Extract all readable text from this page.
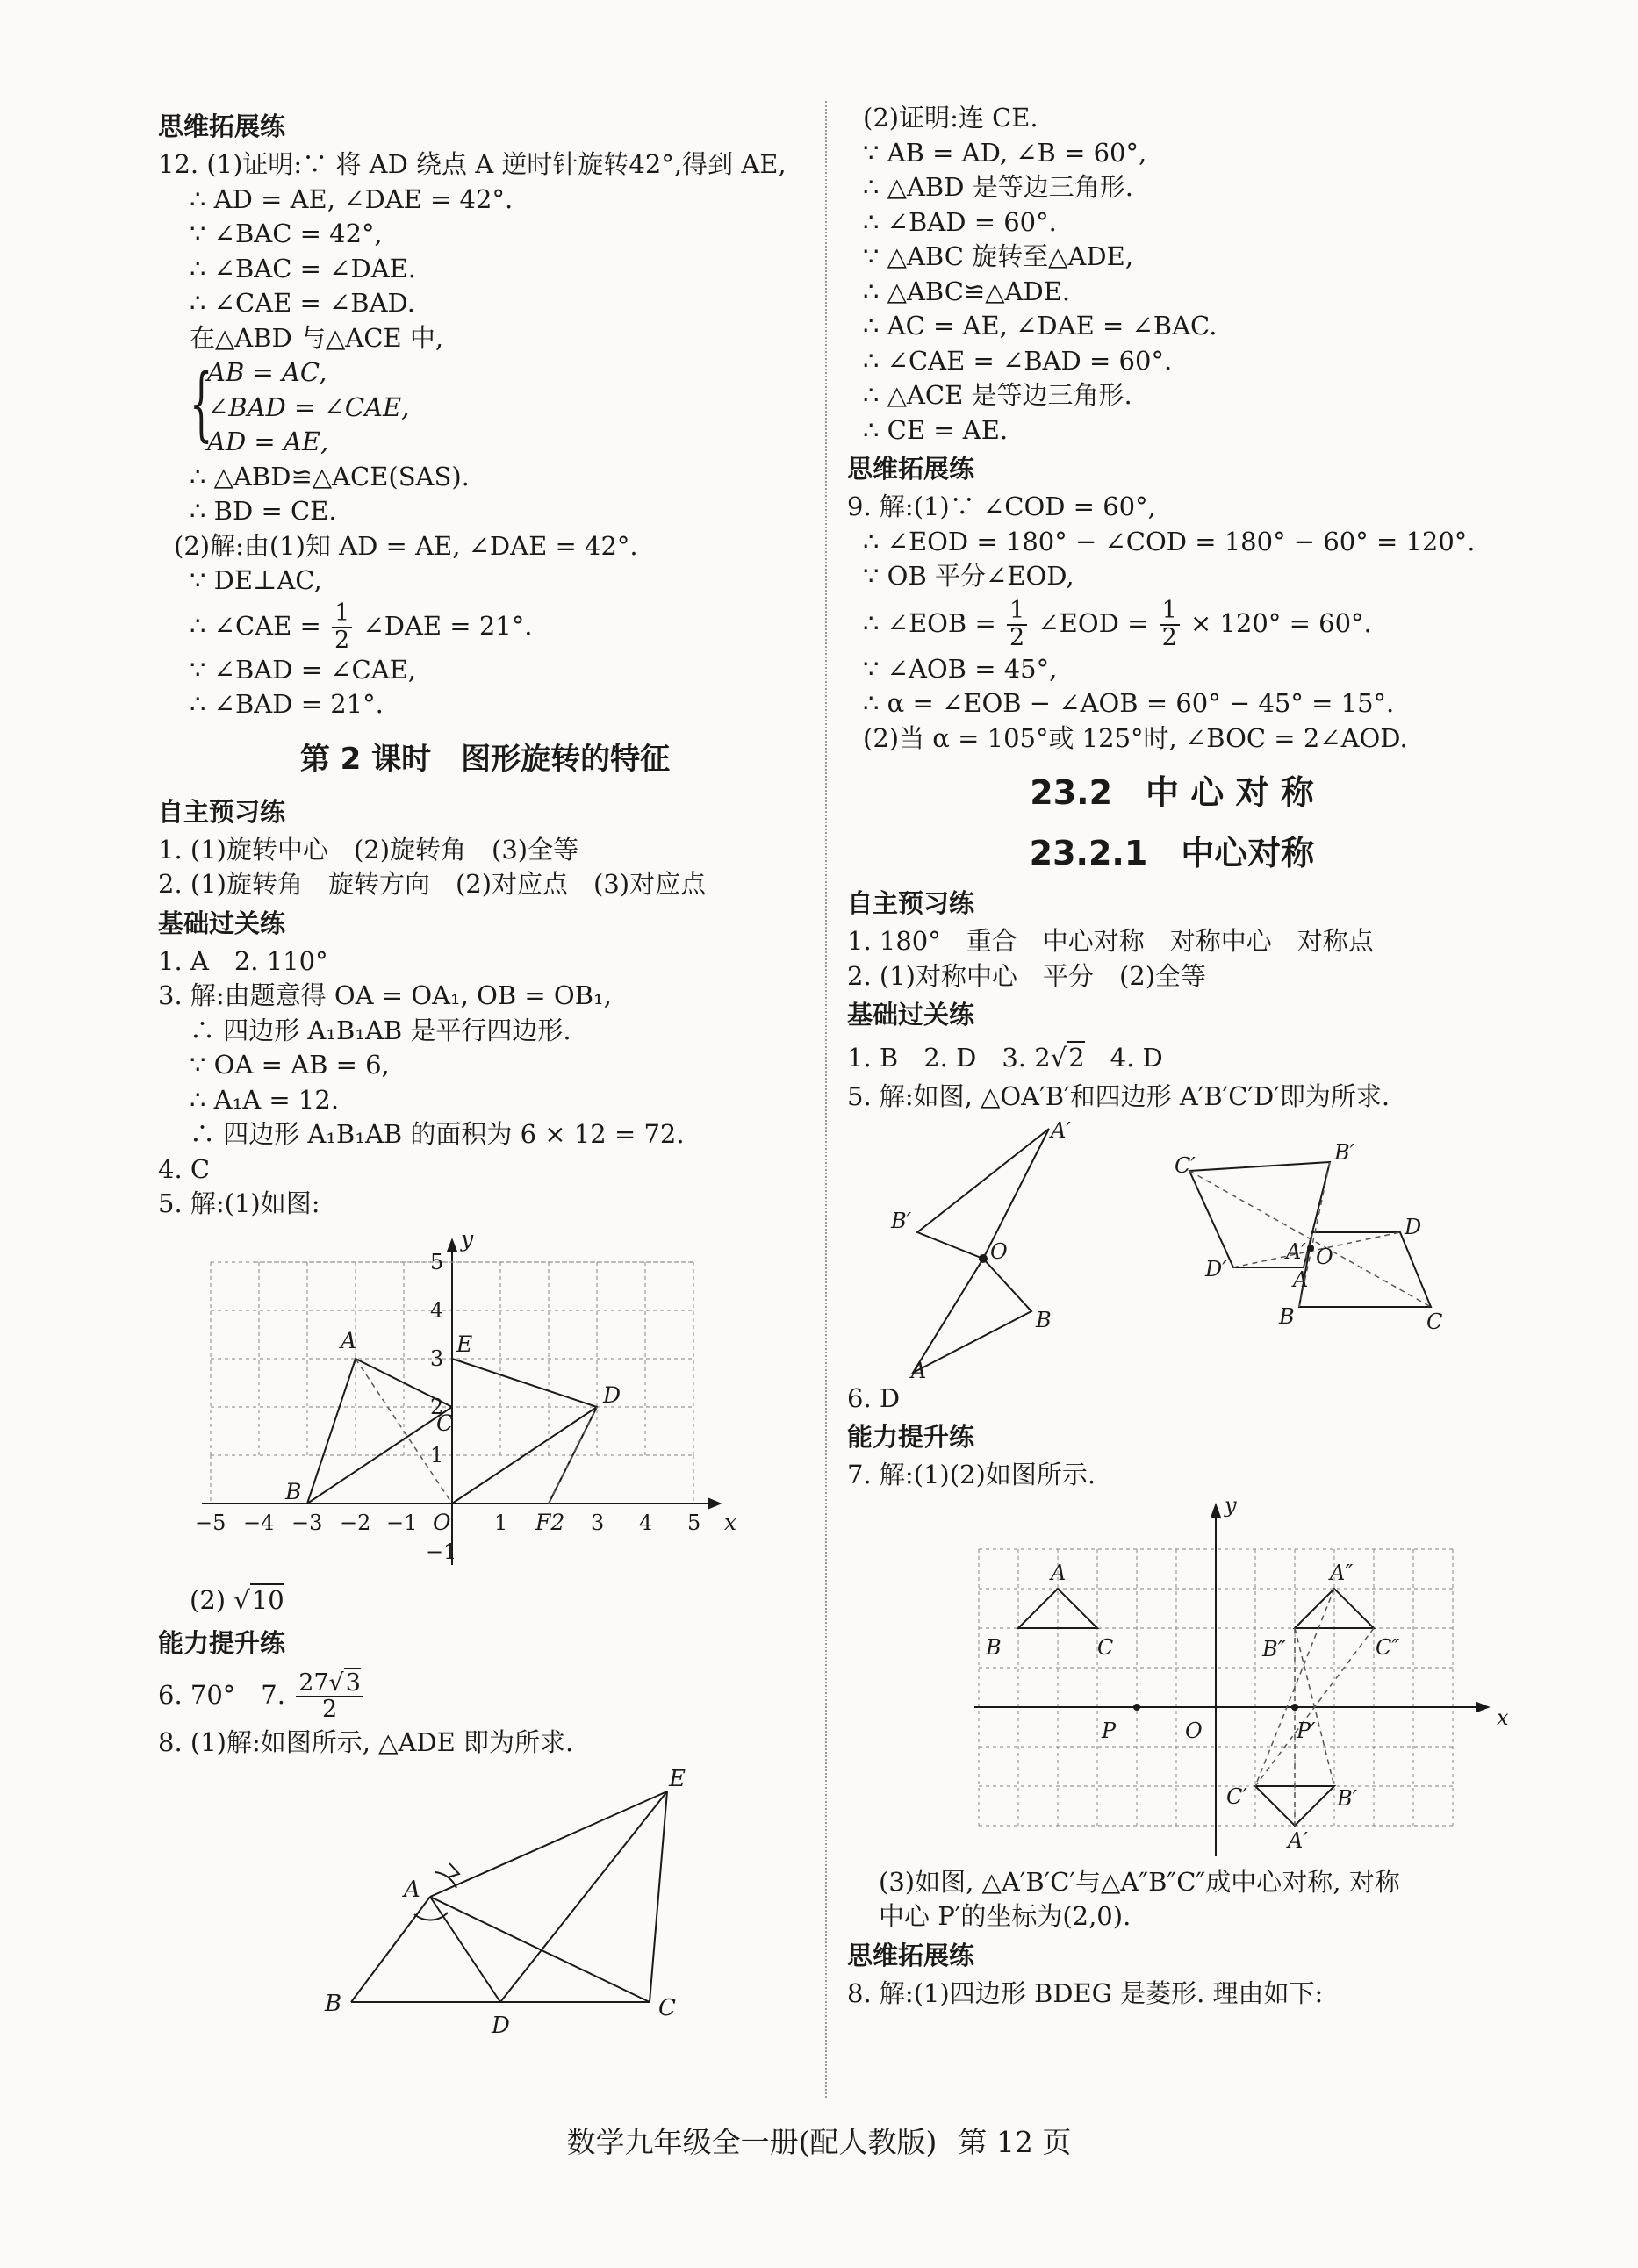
思维拓展练
12. (1)证明:∵ 将 AD 绕点 A 逆时针旋转42°,得到 AE,
∴ AD = AE, ∠DAE = 42°.
∵ ∠BAC = 42°,
∴ ∠BAC = ∠DAE.
∴ ∠CAE = ∠BAD.
在△ABD 与△ACE 中,
{
AB = AC,
∠BAD = ∠CAE,
AD = AE,
∴ △ABD≌△ACE(SAS).
∴ BD = CE.
(2)解:由(1)知 AD = AE, ∠DAE = 42°.
∵ DE⊥AC,
∴ ∠CAE = $\frac{1}{2}$ ∠DAE = 21°.
∵ ∠BAD = ∠CAE,
∴ ∠BAD = 21°.
第 2 课时　图形旋转的特征
自主预习练
1. (1)旋转中心　(2)旋转角　(3)全等
2. (1)旋转角　旋转方向　(2)对应点　(3)对应点
基础过关练
1. A　2. 110°
3. 解:由题意得 OA = OA₁, OB = OB₁,
∴ 四边形 A₁B₁AB 是平行四边形.
∵ OA = AB = 6,
∴ A₁A = 12.
∴ 四边形 A₁B₁AB 的面积为 6 × 12 = 72.
4. C
5. 解:(1)如图:
A
B
C
D
E
F2
O	x
y
−5 −4 −3 −2 −1	1	3 4 5
5
4
3
2
1
−1
(2) √10
能力提升练
6. 70°　7. $\frac{27√3}{2}$
8. (1)解:如图所示, △ADE 即为所求.
E
A
B
D
C
(2)证明:连 CE.
∵ AB = AD, ∠B = 60°,
∴ △ABD 是等边三角形.
∴ ∠BAD = 60°.
∵ △ABC 旋转至△ADE,
∴ △ABC≌△ADE.
∴ AC = AE, ∠DAE = ∠BAC.
∴ ∠CAE = ∠BAD = 60°.
∴ △ACE 是等边三角形.
∴ CE = AE.
思维拓展练
9. 解:(1)∵ ∠COD = 60°,
∴ ∠EOD = 180° − ∠COD = 180° − 60° = 120°.
∵ OB 平分∠EOD,
∴ ∠EOB = $\frac{1}{2}$ ∠EOD = $\frac{1}{2} \times 120^\circ = 60^\circ$.
∵ ∠AOB = 45°,
∴ α = ∠EOB − ∠AOB = 60° − 45° = 15°.
(2)当 α = 105°或 125°时, ∠BOC = 2∠AOD.
23.2　中 心 对 称
23.2.1　中心对称
自主预习练
1. 180°　重合　中心对称　对称中心　对称点
2. (1)对称中心　平分　(2)全等
基础过关练
1. B　2. D　3. 2√2　4. D
5. 解:如图, △OA′B′和四边形 A′B′C′D′即为所求.
A′
B′
O
B
A
C′
B′
A′ O
D′	A
D
B	C
6. D
能力提升练
7. 解:(1)(2)如图所示.
A
B	C
A″
B″	C″
P	O	P′
C′	B′
A′
x
y
(3)如图, △A′B′C′与△A″B″C″成中心对称, 对称
中心 P′的坐标为(2,0).
思维拓展练
8. 解:(1)四边形 BDEG 是菱形. 理由如下:
数学九年级全一册(配人教版) 第 12 页
